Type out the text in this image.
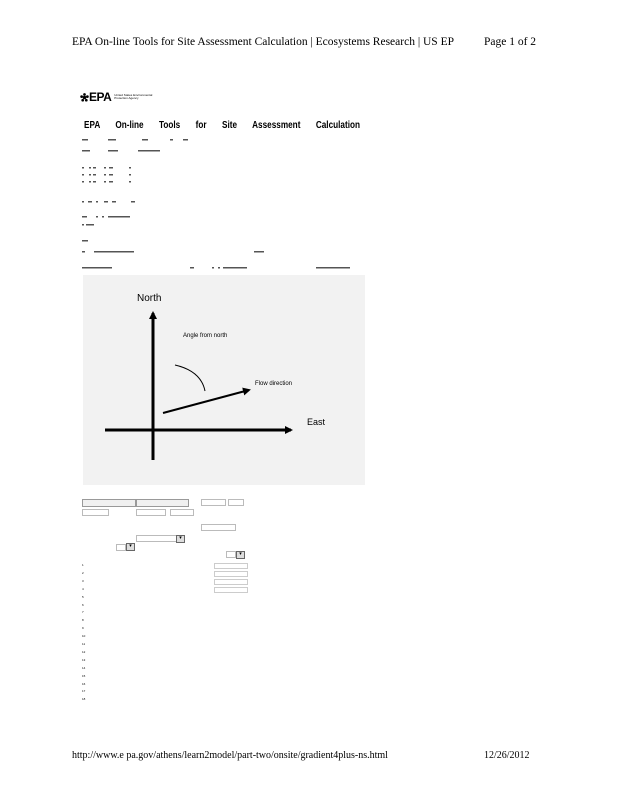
EPA On-line Tools for Site Assessment Calculation | Ecosystems Research | US EP	Page 1 of 2
EPA United States Environmental Protection Agency
EPA On-line Tools for Site Assessment Calculation
North
East
Angle from north
Flow direction
▾
▾
▾
1
2
3
4
5
6
7
8
9
10
11
12
13
14
15
16
17
18
http://www.e pa.gov/athens/learn2model/part-two/onsite/gradient4plus-ns.html	12/26/2012
